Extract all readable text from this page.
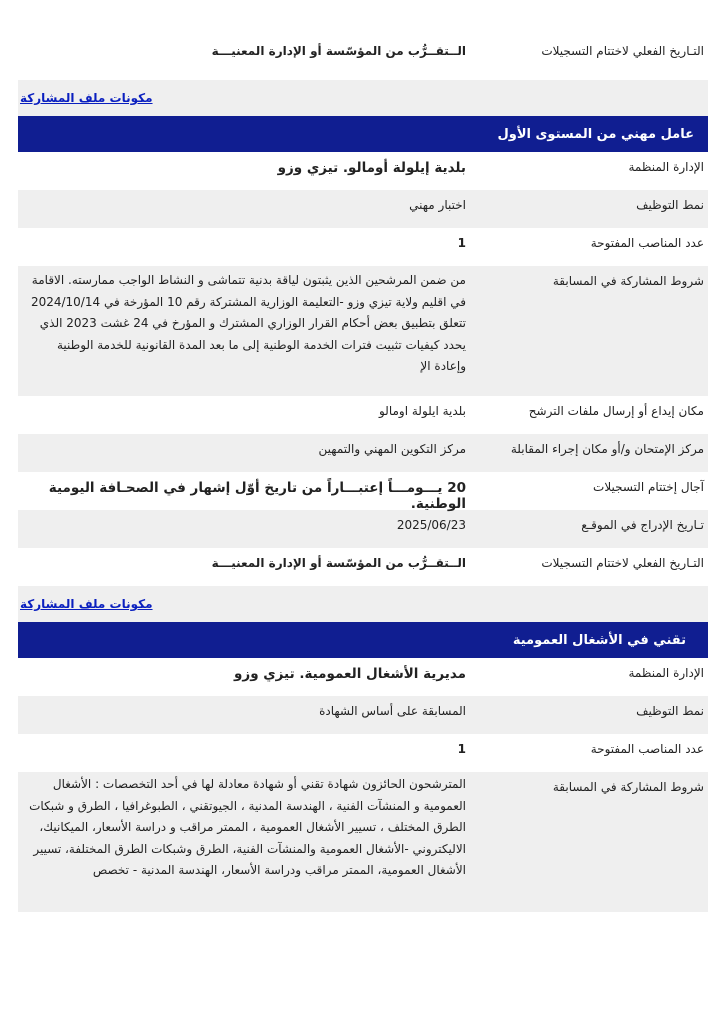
التـاريخ الفعلي لاختتام التسجيلات
الــتقــرُّب من المؤسّسة أو الإدارة المعنيـــة
مكونات ملف المشاركة
عامل مهني من المستوى الأول
الإدارة المنظمة
بلدية إيلولة أومالو. تيزي وزو
نمط التوظيف
اختبار مهني
عدد المناصب المفتوحة
1
شروط المشاركة في المسابقة
من ضمن المرشحين الذين يثبتون لياقة بدنية تتماشى و النشاط الواجب ممارسته. الاقامة في اقليم ولاية تيزي وزو -التعليمة الوزارية المشتركة رقم 10 المؤرخة في 2024/10/14 تتعلق بتطبيق بعض أحكام القرار الوزاري المشترك و المؤرخ في 24 غشت 2023 الذي يحدد كيفيات تثبيت فترات الخدمة الوطنية إلى ما بعد المدة القانونية للخدمة الوطنية وإعادة الإ
مكان إيداع أو إرسال ملفات الترشح
بلدية ايلولة اومالو
مركز الإمتحان و/أو مكان إجراء المقابلة
مركز التكوين المهني والتمهين
آجال إختتام التسجيلات
20 يـــومـــاً إعتبـــاراً من تاريخ أوّل إشهار في الصحـافة اليومية الوطنية.
تـاريخ الإدراج في الموقـع
2025/06/23
التـاريخ الفعلي لاختتام التسجيلات
الــتقــرُّب من المؤسّسة أو الإدارة المعنيـــة
مكونات ملف المشاركة
تقني في الأشغال العمومية
الإدارة المنظمة
مديرية الأشغال العمومية. تيزي وزو
نمط التوظيف
المسابقة على أساس الشهادة
عدد المناصب المفتوحة
1
شروط المشاركة في المسابقة
المترشحون الحائزون شهادة تقني أو شهادة معادلة لها في أحد التخصصات : الأشغال العمومية و المنشآت الفنية ، الهندسة المدنية ، الجيوتقني ، الطبوغرافيا ، الطرق و شبكات الطرق المختلف ، تسيير الأشغال العمومية ، الممتر مراقب و دراسة الأسعار، الميكانيك، الاليكتروني -الأشغال العمومية والمنشآت الفنية، الطرق وشبكات الطرق المختلفة، تسيير الأشغال العمومية، الممتر مراقب ودراسة الأسعار، الهندسة المدنية - تخصص
